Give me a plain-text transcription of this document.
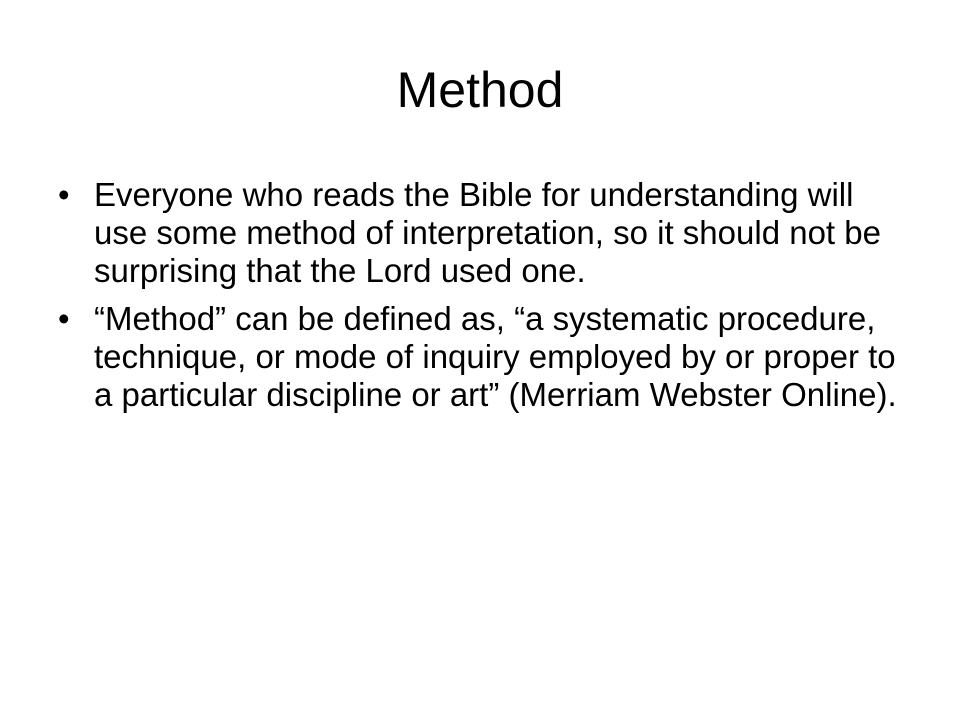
Method
• Everyone who reads the Bible for understanding will use some method of interpretation, so it should not be surprising that the Lord used one.
• “Method” can be defined as, “a systematic procedure, technique, or mode of inquiry employed by or proper to a particular discipline or art” (Merriam Webster Online).
